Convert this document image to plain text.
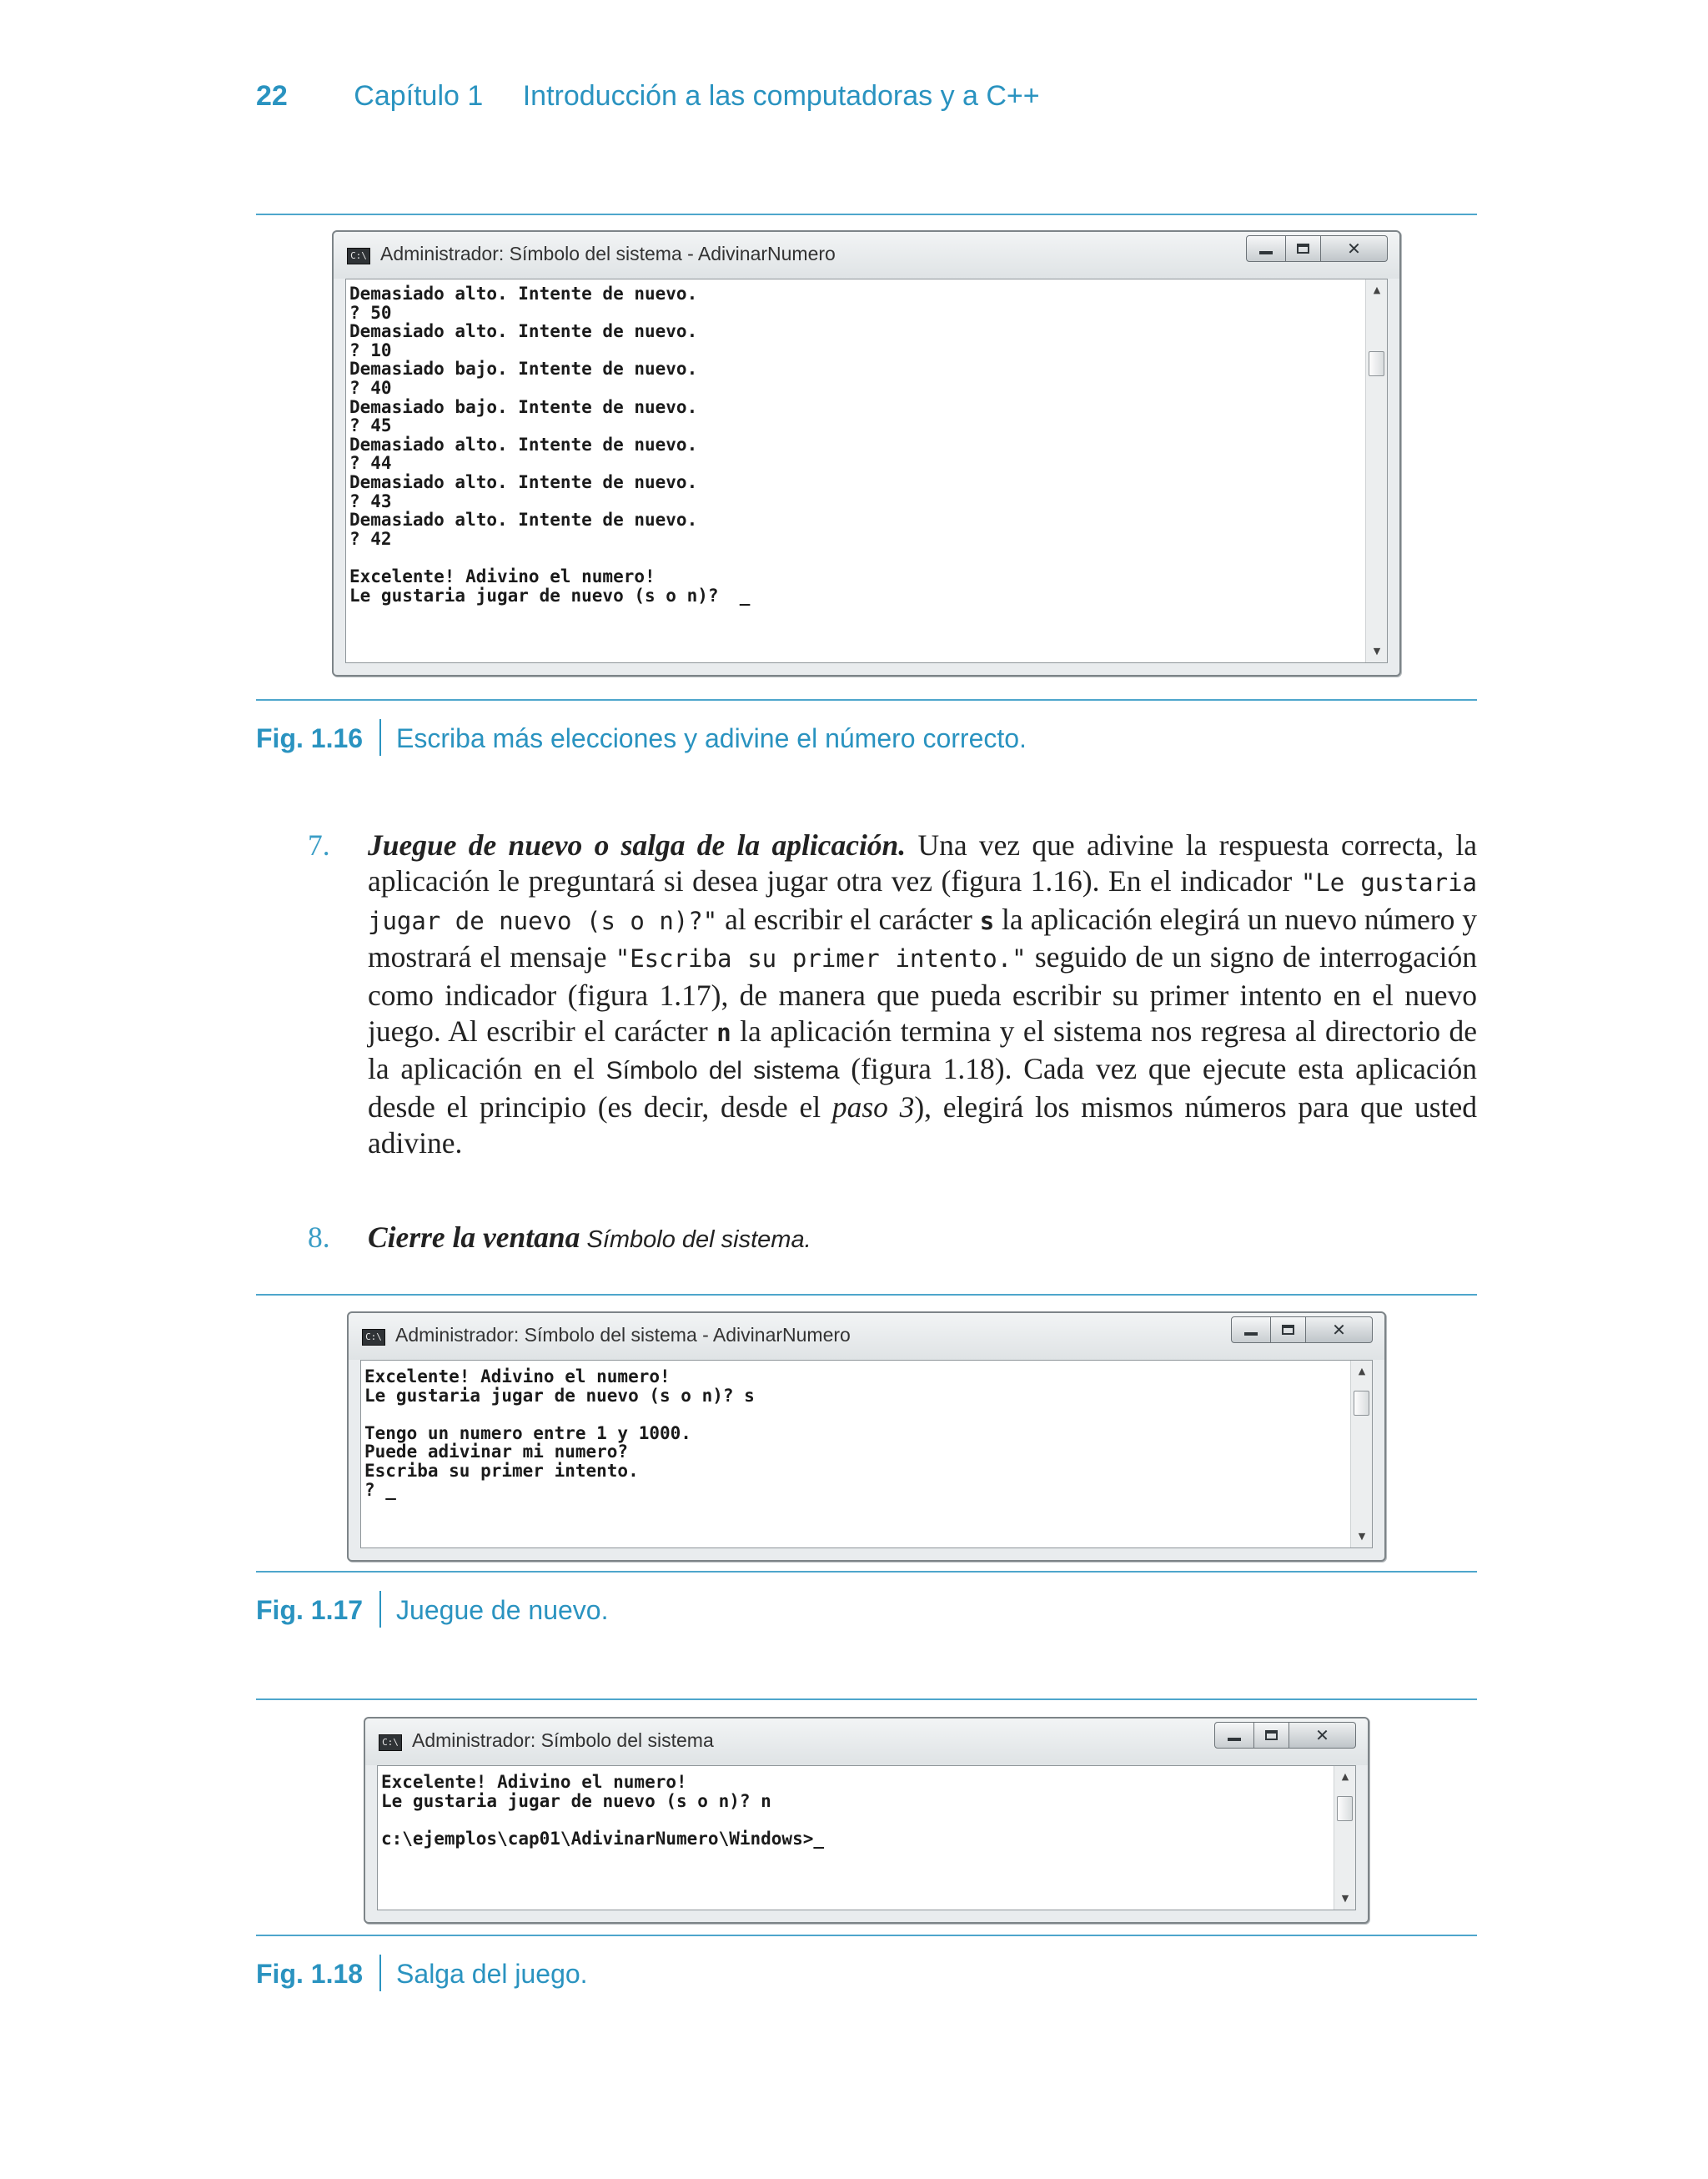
22 Capítulo 1 Introducción a las computadoras y a C++
C:\ Administrador: Símbolo del sistema - AdivinarNumero	✕
Demasiado alto. Intente de nuevo.
? 50
Demasiado alto. Intente de nuevo.
? 10
Demasiado bajo. Intente de nuevo.
? 40
Demasiado bajo. Intente de nuevo.
? 45
Demasiado alto. Intente de nuevo.
? 44
Demasiado alto. Intente de nuevo.
? 43
Demasiado alto. Intente de nuevo.
? 42

Excelente! Adivino el numero!
Le gustaria jugar de nuevo (s o n)?  _
▲
▼
Fig. 1.16 Escriba más elecciones y adivine el número correcto.
7.	Juegue de nuevo o salga de la aplicación. Una vez que adivine la respuesta correcta, la aplicación le preguntará si desea jugar otra vez (figura 1.16). En el indicador "Le gustaria jugar de nuevo (s o n)?" al escribir el carácter s la aplicación elegirá un nuevo número y mostrará el mensaje "Escriba su primer intento." seguido de un signo de interrogación como indicador (figura 1.17), de manera que pueda escribir su primer intento en el nuevo juego. Al escribir el carácter n la aplicación termina y el sistema nos regresa al directorio de la aplicación en el Símbolo del sistema (figura 1.18). Cada vez que ejecute esta aplicación desde el principio (es decir, desde el paso 3), elegirá los mismos números para que usted adivine.
8.	Cierre la ventana Símbolo del sistema.
C:\ Administrador: Símbolo del sistema - AdivinarNumero	✕
Excelente! Adivino el numero!
Le gustaria jugar de nuevo (s o n)? s

Tengo un numero entre 1 y 1000.
Puede adivinar mi numero?
Escriba su primer intento.
? _
▲
▼
Fig. 1.17 Juegue de nuevo.
C:\ Administrador: Símbolo del sistema	✕
Excelente! Adivino el numero!
Le gustaria jugar de nuevo (s o n)? n

c:\ejemplos\cap01\AdivinarNumero\Windows>_
▲
▼
Fig. 1.18 Salga del juego.
